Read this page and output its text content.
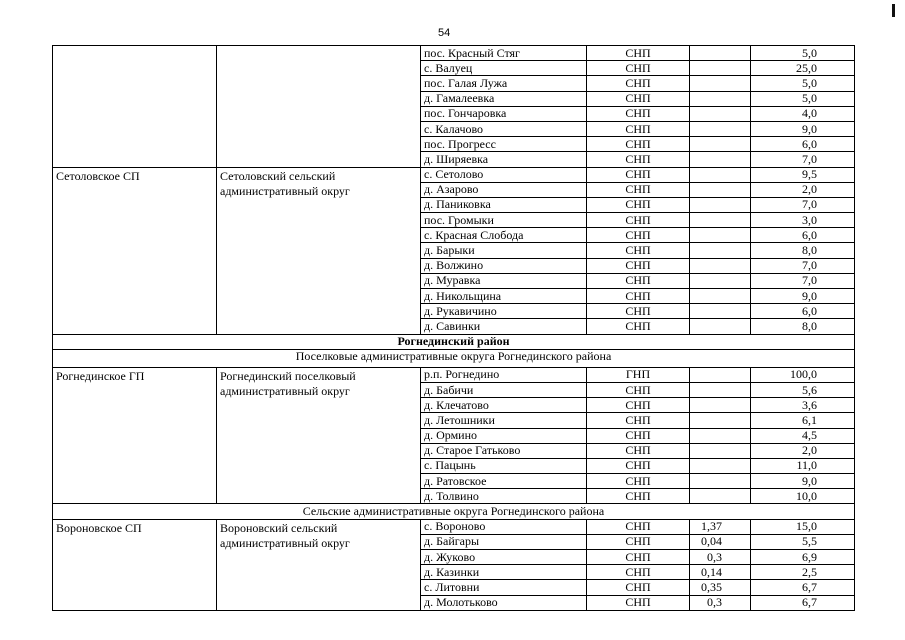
54
		пос. Красный Стяг	СНП		5,0
		с. Валуец	СНП		25,0
		пос. Галая Лужа	СНП		5,0
		д. Гамалеевка	СНП		5,0
		пос. Гончаровка	СНП		4,0
		с. Калачово	СНП		9,0
		пос. Прогресс	СНП		6,0
		д. Ширяевка	СНП		7,0
Сетоловское СП	Сетоловский сельский административный округ	с. Сетолово	СНП		9,5
		д. Азарово	СНП		2,0
		д. Паниковка	СНП		7,0
		пос. Громыки	СНП		3,0
		с. Красная Слобода	СНП		6,0
		д. Барыки	СНП		8,0
		д. Волжино	СНП		7,0
		д. Муравка	СНП		7,0
		д. Никольщина	СНП		9,0
		д. Рукавичино	СНП		6,0
		д. Савинки	СНП		8,0
Рогнединский район					
Поселковые административные округа Рогнединского района					
Рогнединское ГП	Рогнединский поселковый административный округ	р.п. Рогнедино	ГНП		100,0
		д. Бабичи	СНП		5,6
		д. Клечатово	СНП		3,6
		д. Летошники	СНП		6,1
		д. Ормино	СНП		4,5
		д. Старое Гатьково	СНП		2,0
		с. Пацынь	СНП		11,0
		д. Ратовское	СНП		9,0
		д. Толвино	СНП		10,0
Сельские административные округа Рогнединского района					
Вороновское СП	Вороновский сельский административный округ	с. Вороново	СНП	1,37	15,0
		д. Байгары	СНП	0,04	5,5
		д. Жуково	СНП	0,3	6,9
		д. Казинки	СНП	0,14	2,5
		с. Литовни	СНП	0,35	6,7
		д. Молотьково	СНП	0,3	6,7
